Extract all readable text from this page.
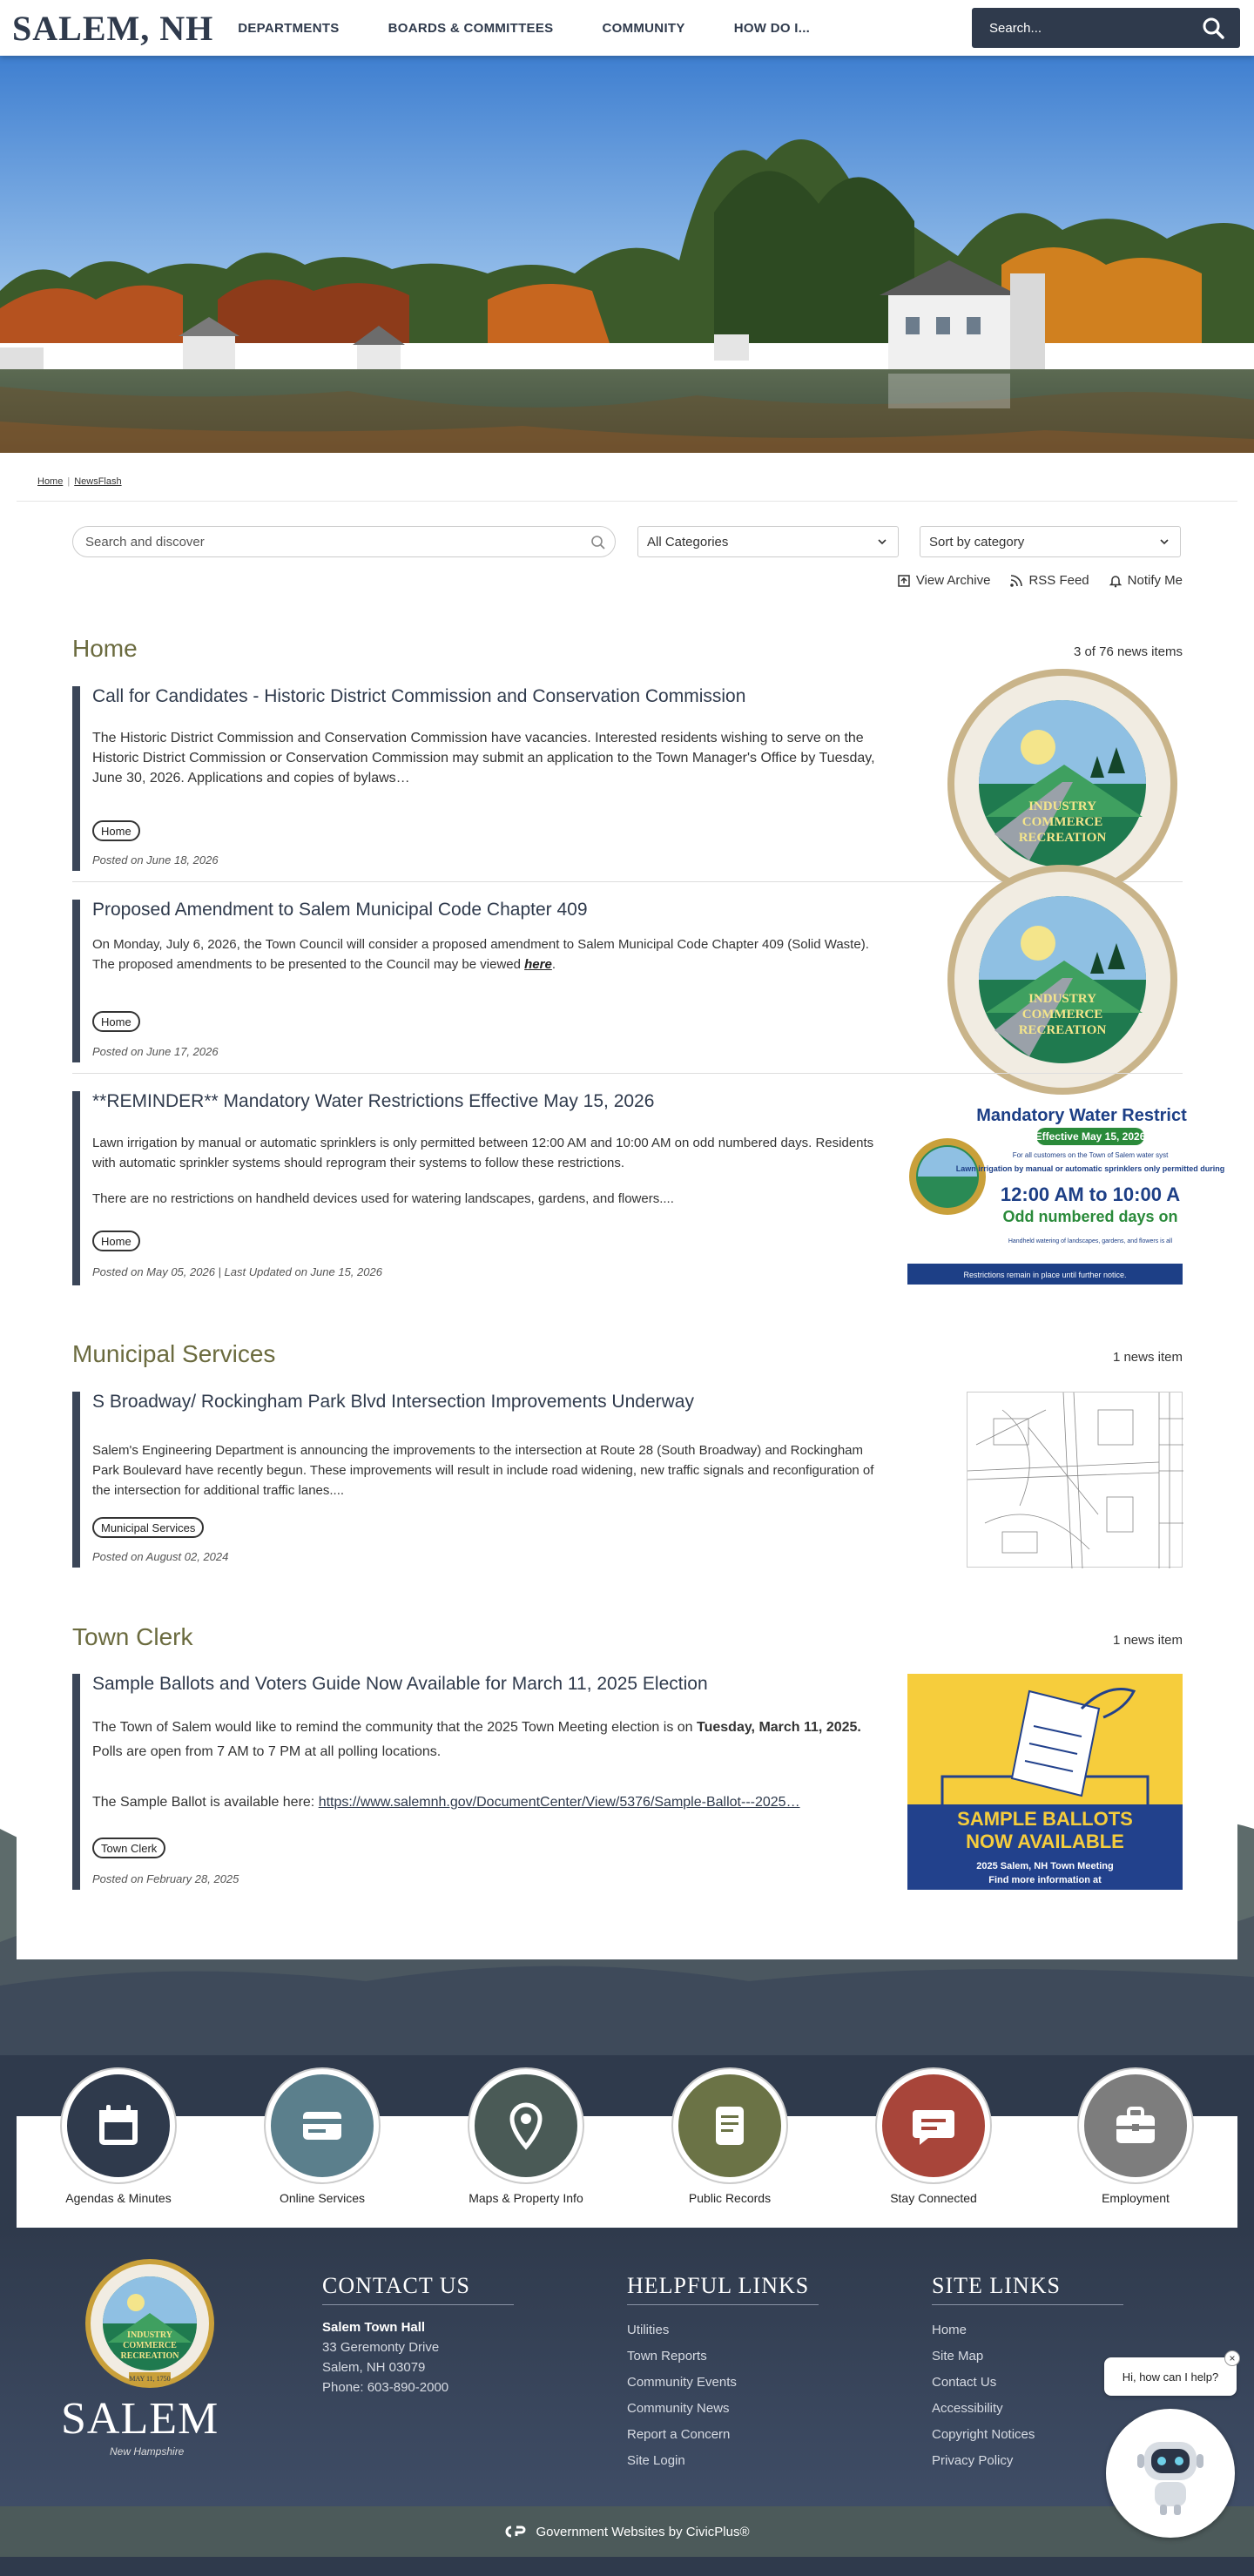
SALEM, NH DEPARTMENTS	BOARDS & COMMITTEES	COMMUNITY	HOW DO I...	Search...
Home | NewsFlash
Search and discover	All Categories	Sort by category
View Archive	RSS Feed	Notify Me
Home	3 of 76 news items
Call for Candidates - Historic District Commission and Conservation Commission
The Historic District Commission and Conservation Commission have vacancies. Interested residents wishing to serve on the Historic District Commission or Conservation Commission may submit an application to the Town Manager's Office by Tuesday, June 30, 2026. Applications and copies of bylaws…
Home
Posted on June 18, 2026
INDUSTRY
COMMERCE
RECREATION
Proposed Amendment to Salem Municipal Code Chapter 409
On Monday, July 6, 2026, the Town Council will consider a proposed amendment to Salem Municipal Code Chapter 409 (Solid Waste). The proposed amendments to be presented to the Council may be viewed here.
Home
Posted on June 17, 2026
INDUSTRY
COMMERCE
RECREATION
**REMINDER** Mandatory Water Restrictions Effective May 15, 2026
Lawn irrigation by manual or automatic sprinklers is only permitted between 12:00 AM and 10:00 AM on odd numbered days. Residents with automatic sprinkler systems should reprogram their systems to follow these restrictions.
There are no restrictions on handheld devices used for watering landscapes, gardens, and flowers....
Home
Posted on May 05, 2026 | Last Updated on June 15, 2026
Mandatory Water Restrict
Effective May 15, 2026
For all customers on the Town of Salem water syst
Lawn irrigation by manual or automatic sprinklers only permitted during
12:00 AM to 10:00 A
Odd numbered days on
Handheld watering of landscapes, gardens, and flowers is all
Restrictions remain in place until further notice.
Municipal Services	1 news item
S Broadway/ Rockingham Park Blvd Intersection Improvements Underway
Salem's Engineering Department is announcing the improvements to the intersection at Route 28 (South Broadway) and Rockingham Park Boulevard have recently begun. These improvements will result in include road widening, new traffic signals and reconfiguration of the intersection for additional traffic lanes....
Municipal Services
Posted on August 02, 2024
Town Clerk	1 news item
Sample Ballots and Voters Guide Now Available for March 11, 2025 Election
The Town of Salem would like to remind the community that the 2025 Town Meeting election is on Tuesday, March 11, 2025. Polls are open from 7 AM to 7 PM at all polling locations.
The Sample Ballot is available here: https://www.salemnh.gov/DocumentCenter/View/5376/Sample-Ballot---2025…
Town Clerk
Posted on February 28, 2025
SAMPLE BALLOTS
NOW AVAILABLE
2025 Salem, NH Town Meeting
Find more information at
Agendas & Minutes	Online Services	Maps & Property Info	Public Records	Stay Connected	Employment
INDUSTRY
COMMERCE
RECREATION
MAY 11, 1750
SALEM
New Hampshire
CONTACT US
Salem Town Hall
33 Geremonty Drive
Salem, NH 03079
Phone: 603-890-2000
HELPFUL LINKS
Utilities
Town Reports
Community Events
Community News
Report a Concern
Site Login
SITE LINKS
Home
Site Map
Contact Us
Accessibility
Copyright Notices
Privacy Policy
Government Websites by CivicPlus®
Hi, how can I help?
×
